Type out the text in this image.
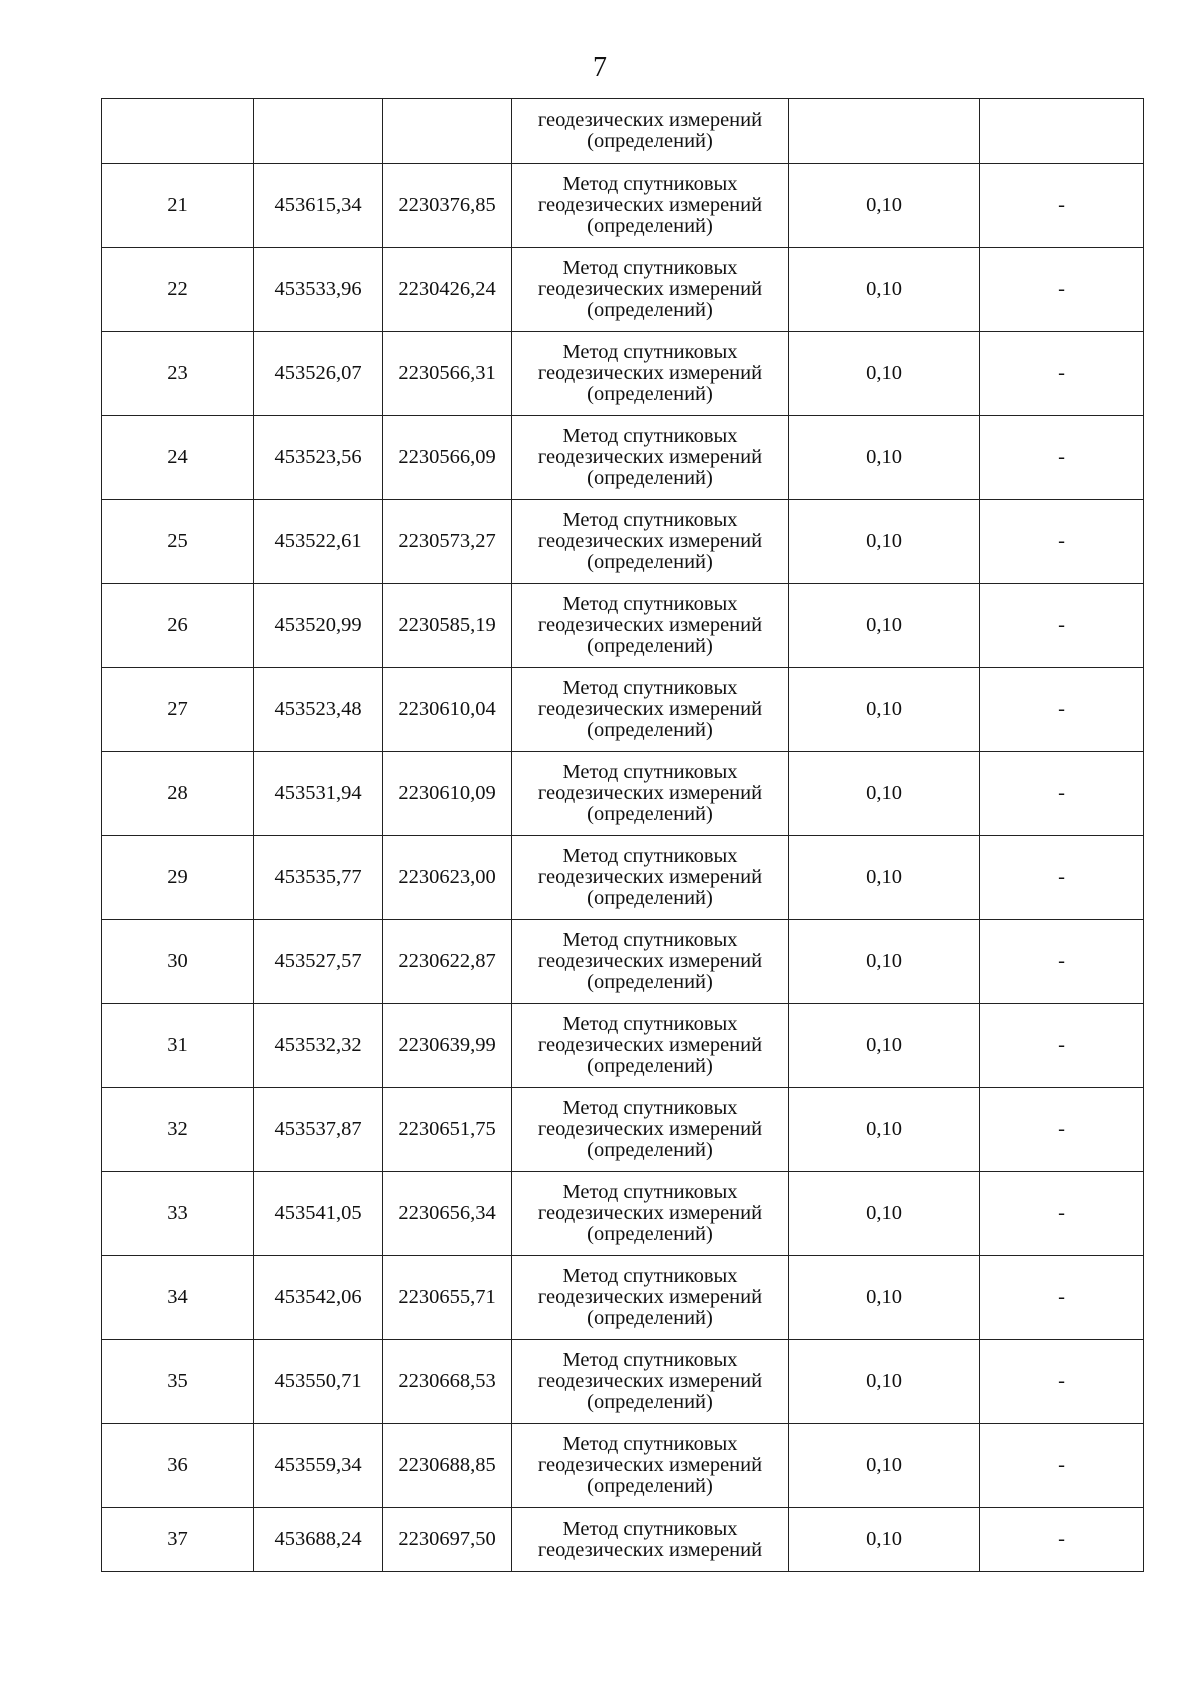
7

			геодезических измерений
(определений)		

21	453615,34	2230376,85	Метод спутниковых
геодезических измерений
(определений)	0,10	-
22	453533,96	2230426,24	Метод спутниковых
геодезических измерений
(определений)	0,10	-
23	453526,07	2230566,31	Метод спутниковых
геодезических измерений
(определений)	0,10	-
24	453523,56	2230566,09	Метод спутниковых
геодезических измерений
(определений)	0,10	-
25	453522,61	2230573,27	Метод спутниковых
геодезических измерений
(определений)	0,10	-
26	453520,99	2230585,19	Метод спутниковых
геодезических измерений
(определений)	0,10	-
27	453523,48	2230610,04	Метод спутниковых
геодезических измерений
(определений)	0,10	-
28	453531,94	2230610,09	Метод спутниковых
геодезических измерений
(определений)	0,10	-
29	453535,77	2230623,00	Метод спутниковых
геодезических измерений
(определений)	0,10	-
30	453527,57	2230622,87	Метод спутниковых
геодезических измерений
(определений)	0,10	-
31	453532,32	2230639,99	Метод спутниковых
геодезических измерений
(определений)	0,10	-
32	453537,87	2230651,75	Метод спутниковых
геодезических измерений
(определений)	0,10	-
33	453541,05	2230656,34	Метод спутниковых
геодезических измерений
(определений)	0,10	-
34	453542,06	2230655,71	Метод спутниковых
геодезических измерений
(определений)	0,10	-
35	453550,71	2230668,53	Метод спутниковых
геодезических измерений
(определений)	0,10	-
36	453559,34	2230688,85	Метод спутниковых
геодезических измерений
(определений)	0,10	-
37	453688,24	2230697,50	Метод спутниковых
геодезических измерений	0,10	-
